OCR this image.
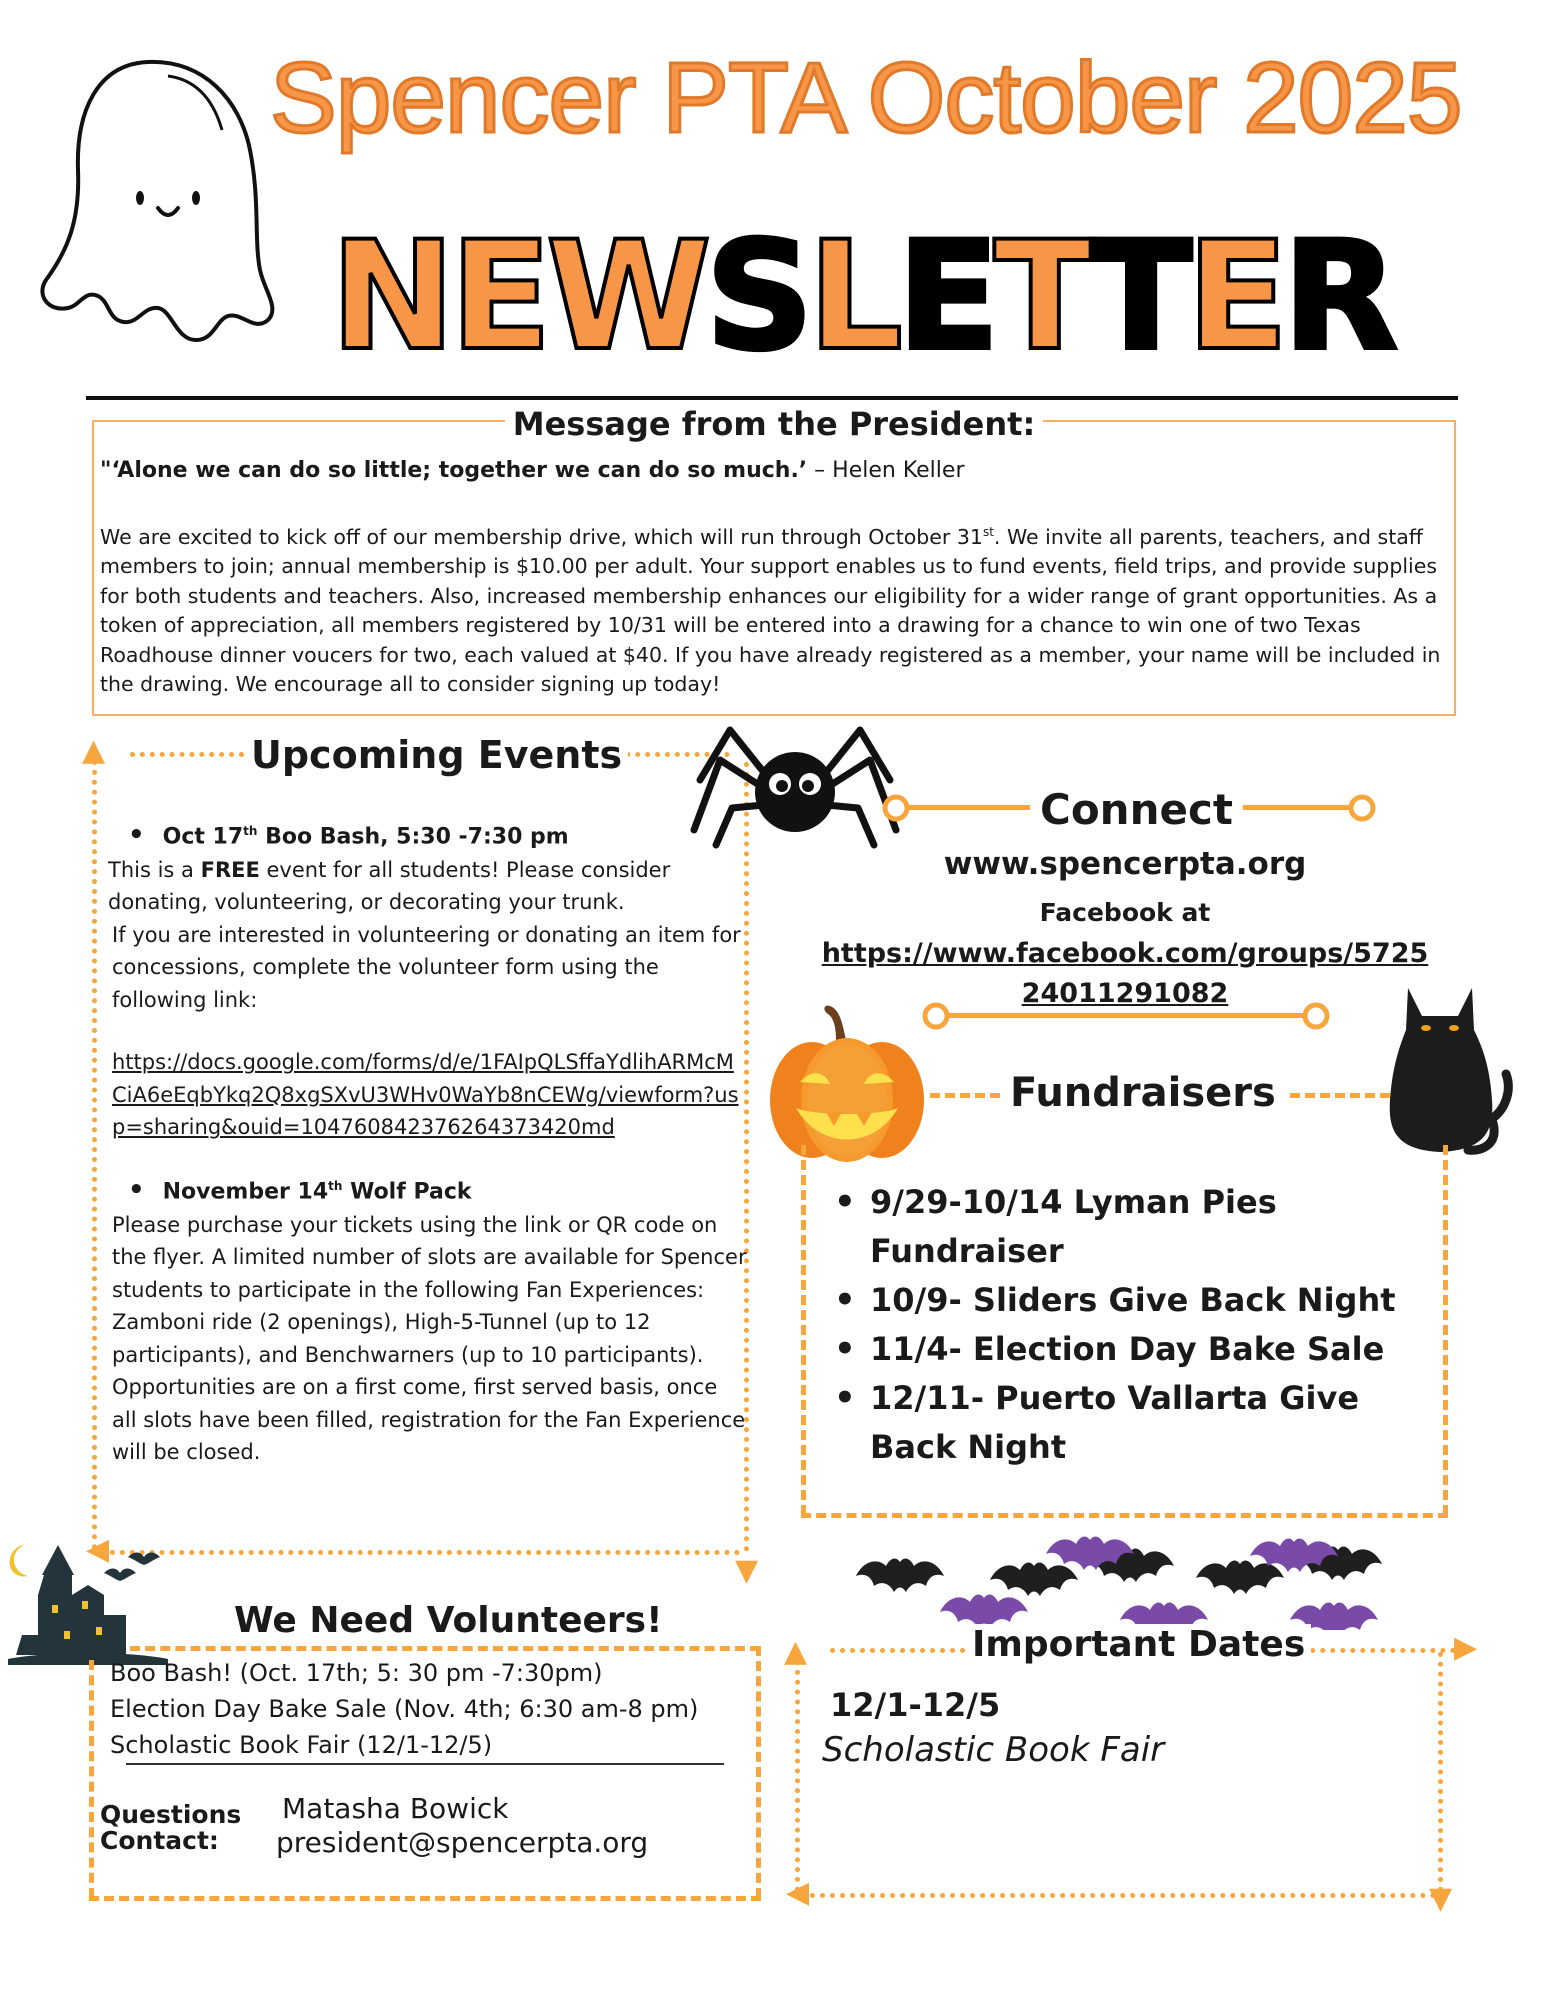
Spencer PTA October 2025
NEWSLETTER
Message from the President:
"‘Alone we can do so little; together we can do so much.’ – Helen Keller
We are excited to kick off of our membership drive, which will run through October 31st. We invite all parents, teachers, and staff members to join; annual membership is $10.00 per adult. Your support enables us to fund events, field trips, and provide supplies for both students and teachers. Also, increased membership enhances our eligibility for a wider range of grant opportunities. As a token of appreciation, all members registered by 10/31 will be entered into a drawing for a chance to win one of two Texas Roadhouse dinner voucers for two, each valued at $40. If you have already registered as a member, your name will be included in the drawing. We encourage all to consider signing up today!
▲
▼
◀
Upcoming Events
• Oct 17th Boo Bash, 5:30 -7:30 pm
This is a FREE event for all students! Please consider donating, volunteering, or decorating your trunk.
If you are interested in volunteering or donating an item for concessions, complete the volunteer form using the following link:
https://docs.google.com/forms/d/e/1FAIpQLSffaYdlihARMcMCiA6eEqbYkq2Q8xgSXvU3WHv0WaYb8nCEWg/viewform?usp=sharing&ouid=104760842376264373420md
• November 14th Wolf Pack
Please purchase your tickets using the link or QR code on the flyer. A limited number of slots are available for Spencer students to participate in the following Fan Experiences: Zamboni ride (2 openings), High-5-Tunnel (up to 12 participants), and Benchwarners (up to 10 participants). Opportunities are on a first come, first served basis, once all slots have been filled, registration for the Fan Experience will be closed.
Connect
www.spencerpta.org
Facebook at
https://www.facebook.com/groups/572524011291082
Fundraisers
• 9/29-10/14 Lyman Pies Fundraiser
• 10/9- Sliders Give Back Night
• 11/4- Election Day Bake Sale
• 12/11- Puerto Vallarta Give Back Night
▲	▶
▼
◀
Important Dates
12/1-12/5
Scholastic Book Fair
We Need Volunteers!
Boo Bash! (Oct. 17th; 5: 30 pm -7:30pm)
Election Day Bake Sale (Nov. 4th; 6:30 am-8 pm)
Scholastic Book Fair (12/1-12/5)
Questions
Contact:
Matasha Bowick
president@spencerpta.org
